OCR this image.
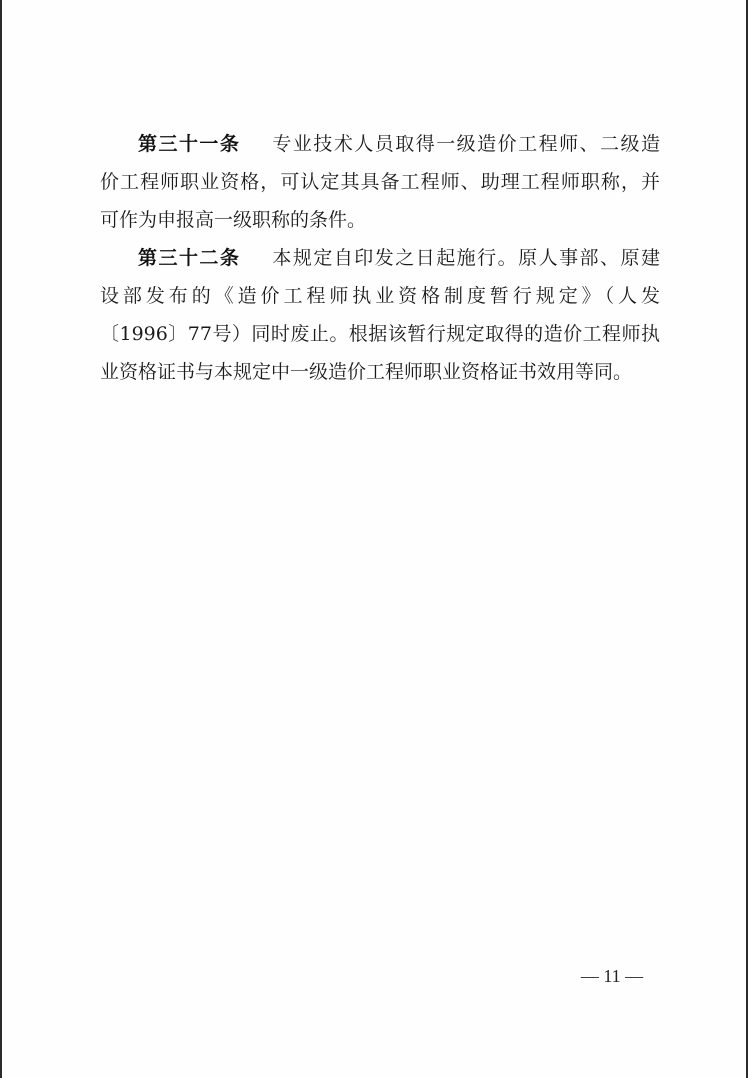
第三十一条 专业技术人员取得一级造价工程师、二级造
价工程师职业资格，可认定其具备工程师、助理工程师职称，并
可作为申报高一级职称的条件。
第三十二条 本规定自印发之日起施行。原人事部、原建
设部发布的《造价工程师执业资格制度暂行规定》（人发
〔1996〕77号）同时废止。根据该暂行规定取得的造价工程师执
业资格证书与本规定中一级造价工程师职业资格证书效用等同。
— 11 —
